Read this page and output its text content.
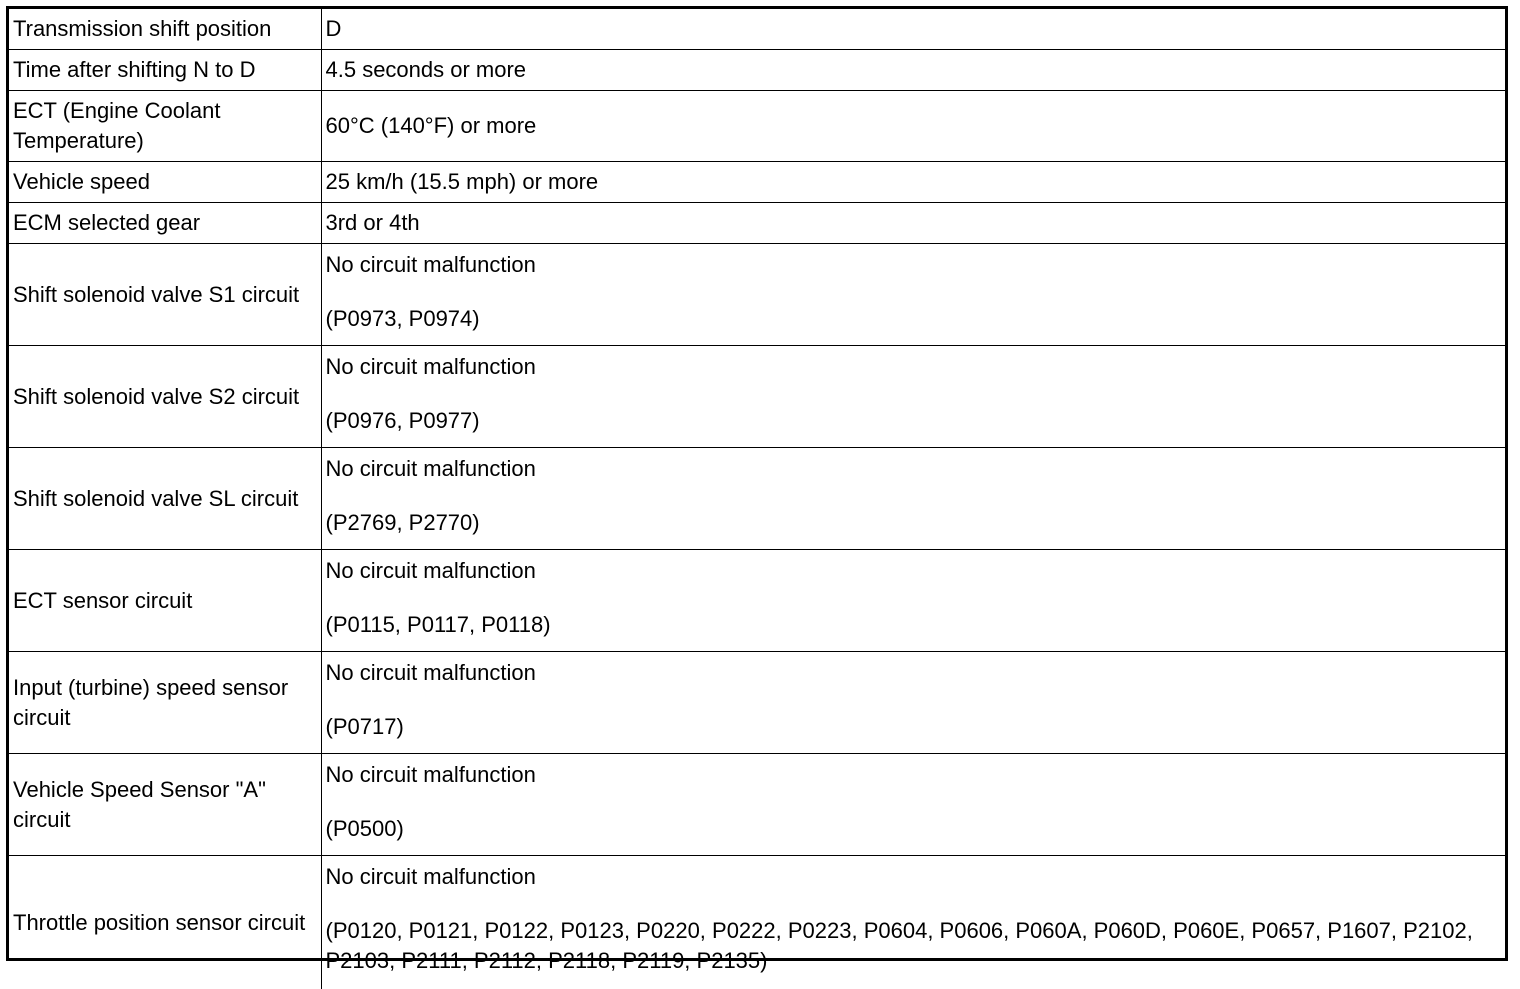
Transmission shift position	D
Time after shifting N to D	4.5 seconds or more
ECT (Engine Coolant Temperature)	60°C (140°F) or more
Vehicle speed	25 km/h (15.5 mph) or more
ECM selected gear	3rd or 4th
Shift solenoid valve S1 circuit	No circuit malfunction
(P0973, P0974)

Shift solenoid valve S2 circuit	No circuit malfunction
(P0976, P0977)

Shift solenoid valve SL circuit	No circuit malfunction
(P2769, P2770)

ECT sensor circuit	No circuit malfunction
(P0115, P0117, P0118)

Input (turbine) speed sensor circuit	No circuit malfunction
(P0717)

Vehicle Speed Sensor "A" circuit	No circuit malfunction
(P0500)

Throttle position sensor circuit	No circuit malfunction
(P0120, P0121, P0122, P0123, P0220, P0222, P0223, P0604, P0606, P060A, P060D, P060E, P0657, P1607, P2102, P2103, P2111, P2112, P2118, P2119, P2135)
